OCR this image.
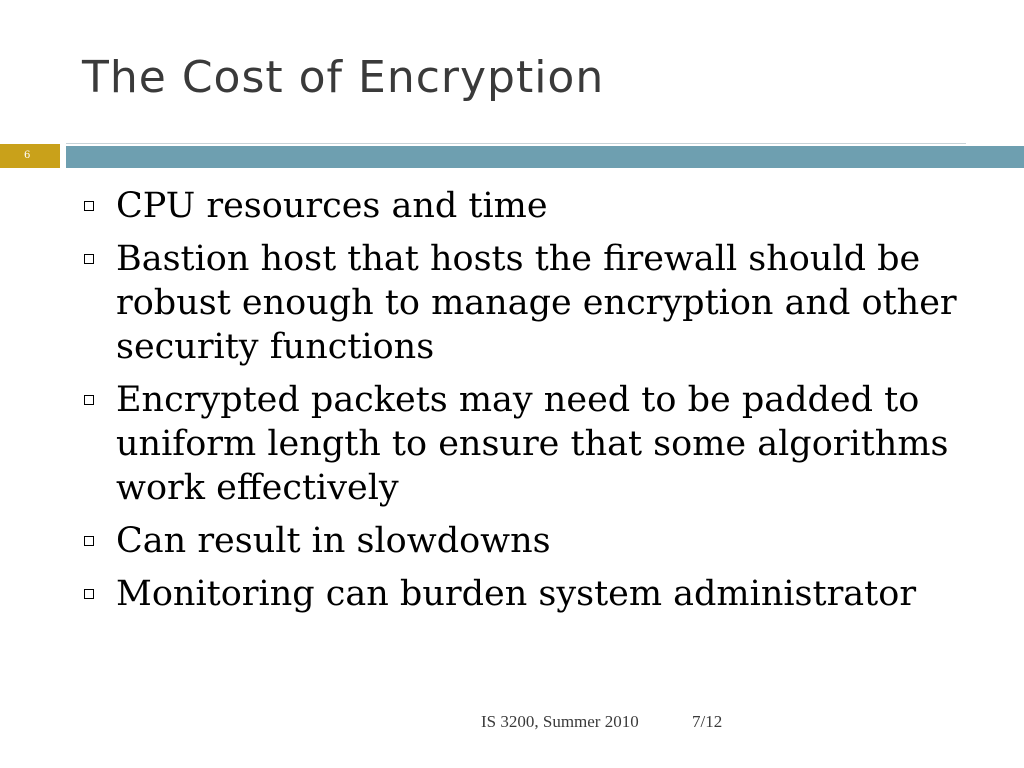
The Cost of Encryption
6
CPU resources and time
Bastion host that hosts the firewall should be robust enough to manage encryption and other security functions
Encrypted packets may need to be padded to uniform length to ensure that some algorithms work effectively
Can result in slowdowns
Monitoring can burden system administrator
IS 3200, Summer 2010	7/12
